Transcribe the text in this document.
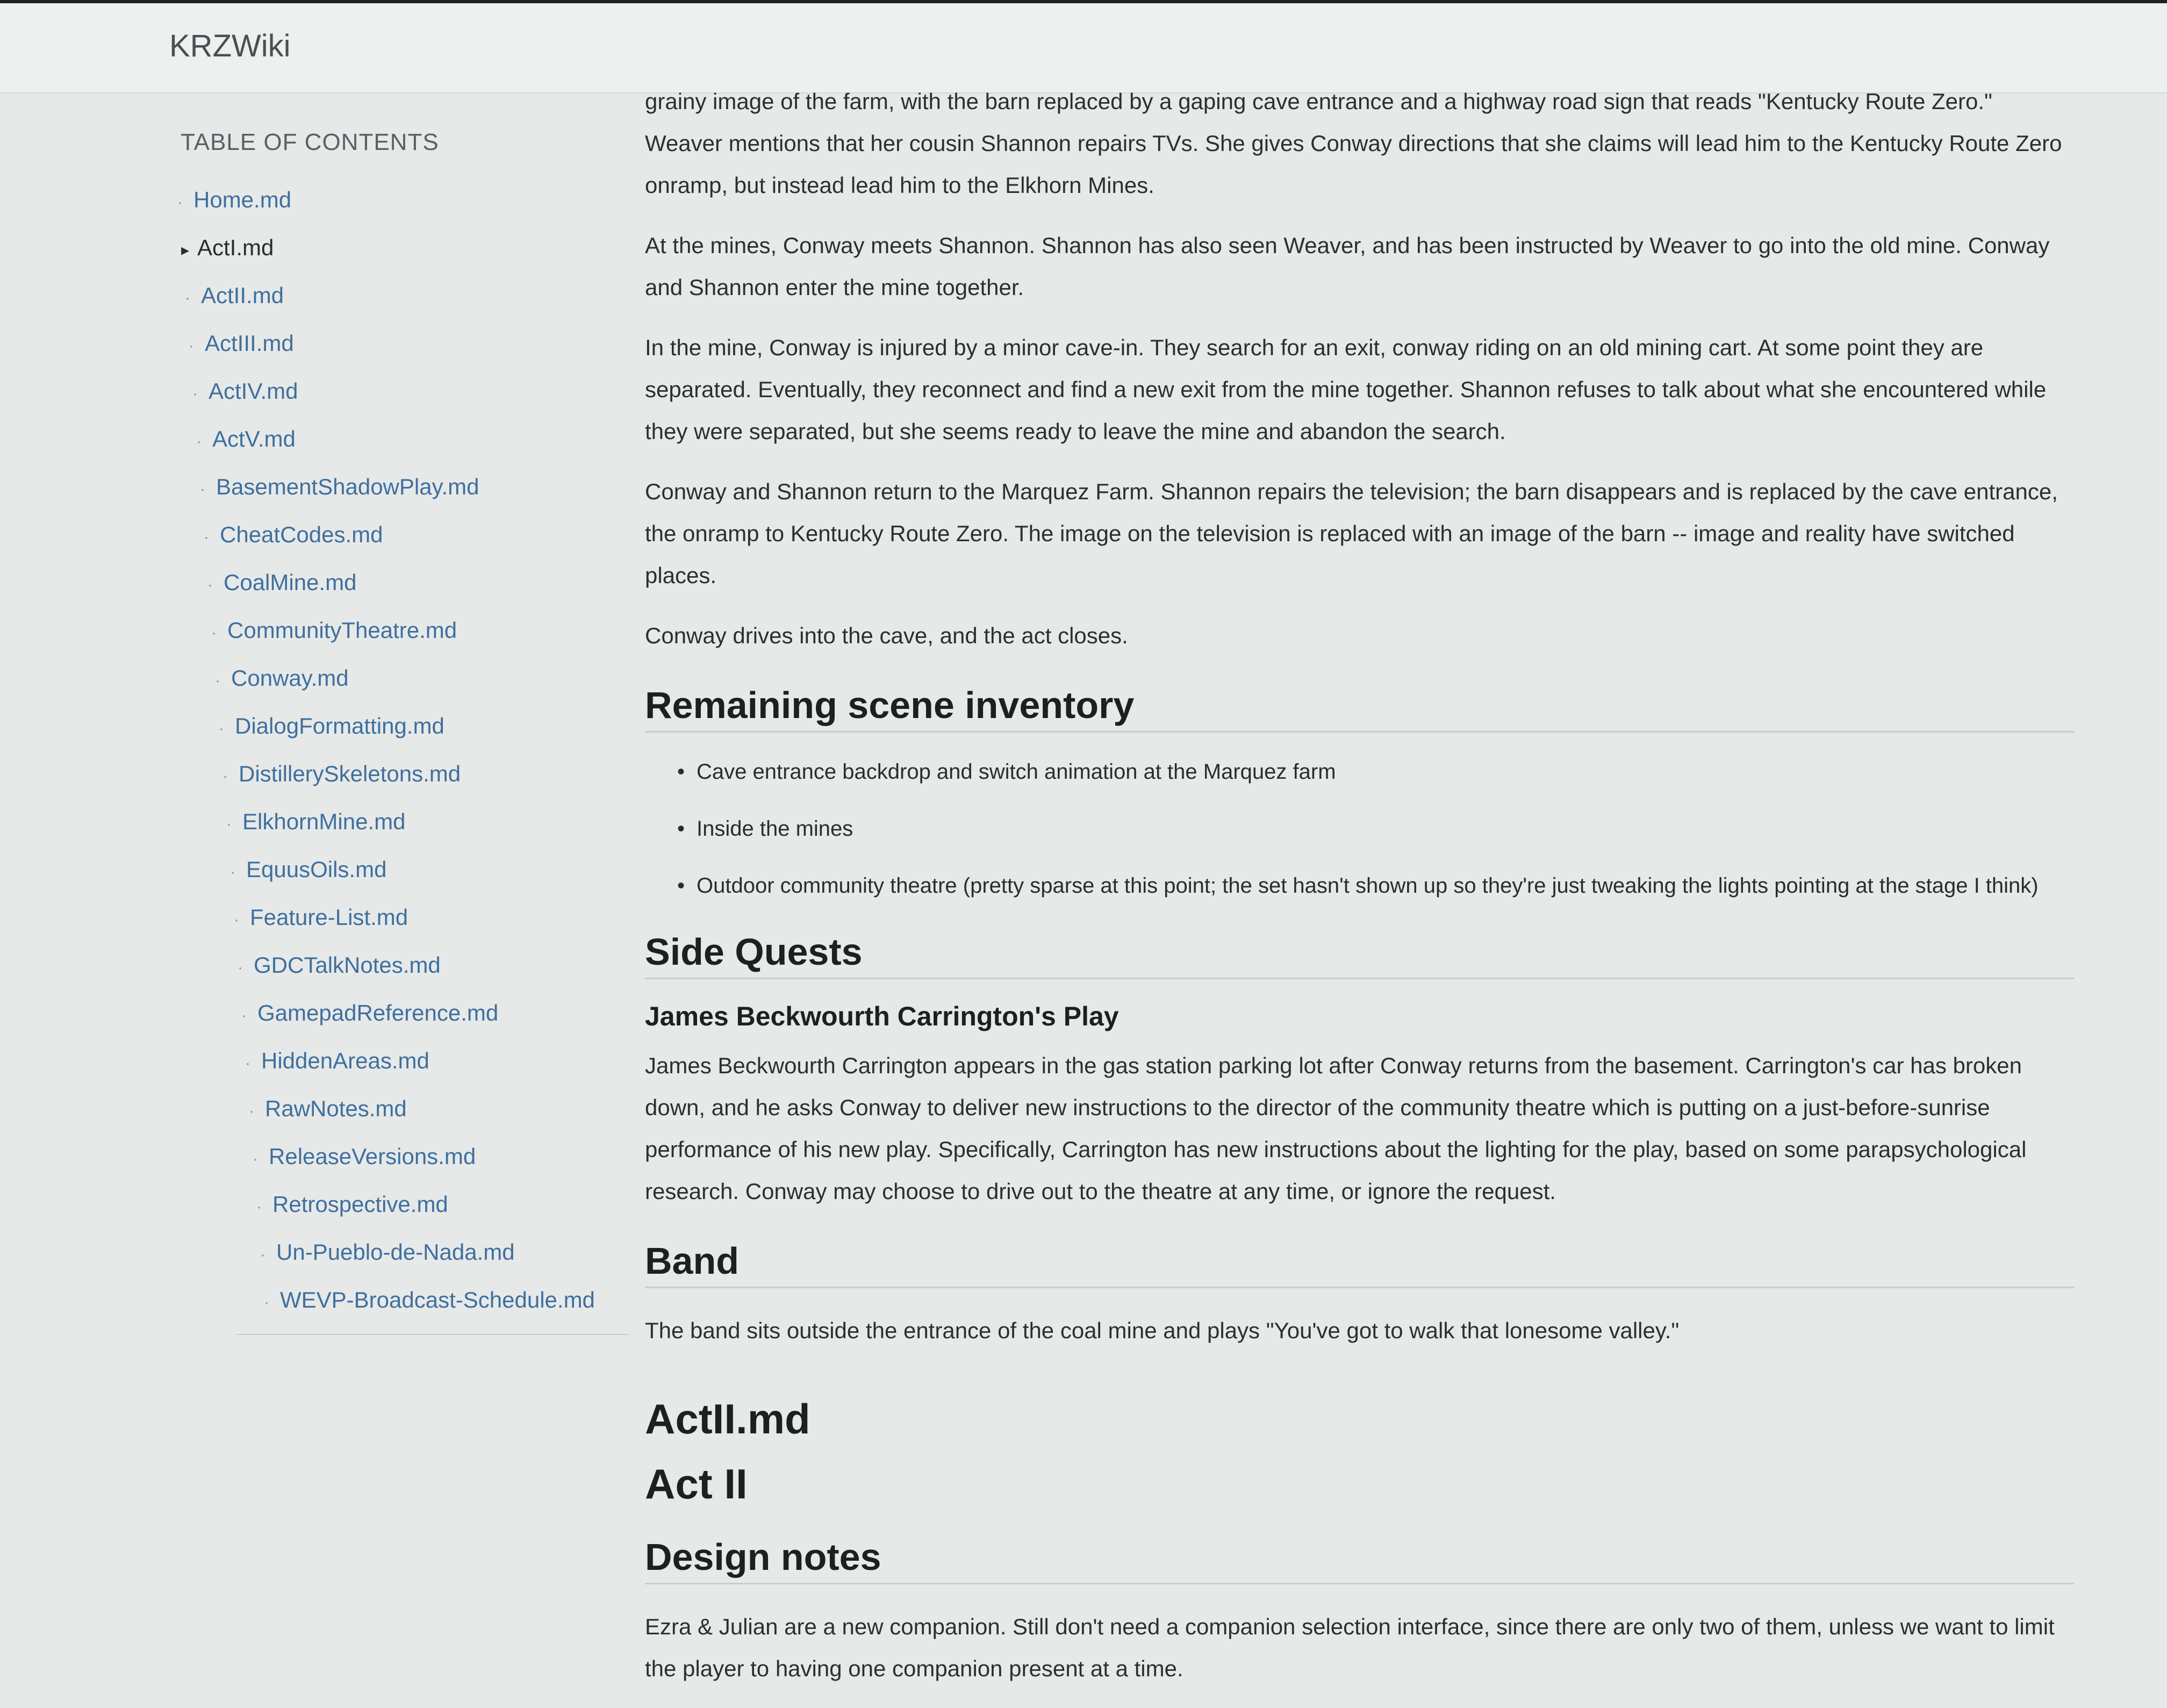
KRZWiki
TABLE OF CONTENTS
· Home.md
▸ ActI.md
· ActII.md
· ActIII.md
· ActIV.md
· ActV.md
· BasementShadowPlay.md
· CheatCodes.md
· CoalMine.md
· CommunityTheatre.md
· Conway.md
· DialogFormatting.md
· DistillerySkeletons.md
· ElkhornMine.md
· EquusOils.md
· Feature-List.md
· GDCTalkNotes.md
· GamepadReference.md
· HiddenAreas.md
· RawNotes.md
· ReleaseVersions.md
· Retrospective.md
· Un-Pueblo-de-Nada.md
· WEVP-Broadcast-Schedule.md

grainy image of the farm, with the barn replaced by a gaping cave entrance and a highway road sign that reads "Kentucky Route Zero." Weaver mentions that her cousin Shannon repairs TVs. She gives Conway directions that she claims will lead him to the Kentucky Route Zero onramp, but instead lead him to the Elkhorn Mines.

At the mines, Conway meets Shannon. Shannon has also seen Weaver, and has been instructed by Weaver to go into the old mine. Conway and Shannon enter the mine together.

In the mine, Conway is injured by a minor cave-in. They search for an exit, conway riding on an old mining cart. At some point they are separated. Eventually, they reconnect and find a new exit from the mine together. Shannon refuses to talk about what she encountered while they were separated, but she seems ready to leave the mine and abandon the search.

Conway and Shannon return to the Marquez Farm. Shannon repairs the television; the barn disappears and is replaced by the cave entrance, the onramp to Kentucky Route Zero. The image on the television is replaced with an image of the barn -- image and reality have switched places.

Conway drives into the cave, and the act closes.

Remaining scene inventory
• Cave entrance backdrop and switch animation at the Marquez farm
• Inside the mines
• Outdoor community theatre (pretty sparse at this point; the set hasn't shown up so they're just tweaking the lights pointing at the stage I think)
Side Quests
James Beckwourth Carrington's Play

James Beckwourth Carrington appears in the gas station parking lot after Conway returns from the basement. Carrington's car has broken down, and he asks Conway to deliver new instructions to the director of the community theatre which is putting on a just-before-sunrise performance of his new play. Specifically, Carrington has new instructions about the lighting for the play, based on some parapsychological research. Conway may choose to drive out to the theatre at any time, or ignore the request.

Band

The band sits outside the entrance of the coal mine and plays "You've got to walk that lonesome valley."

ActII.md
Act II
Design notes

Ezra & Julian are a new companion. Still don't need a companion selection interface, since there are only two of them, unless we want to limit the player to having one companion present at a time.
